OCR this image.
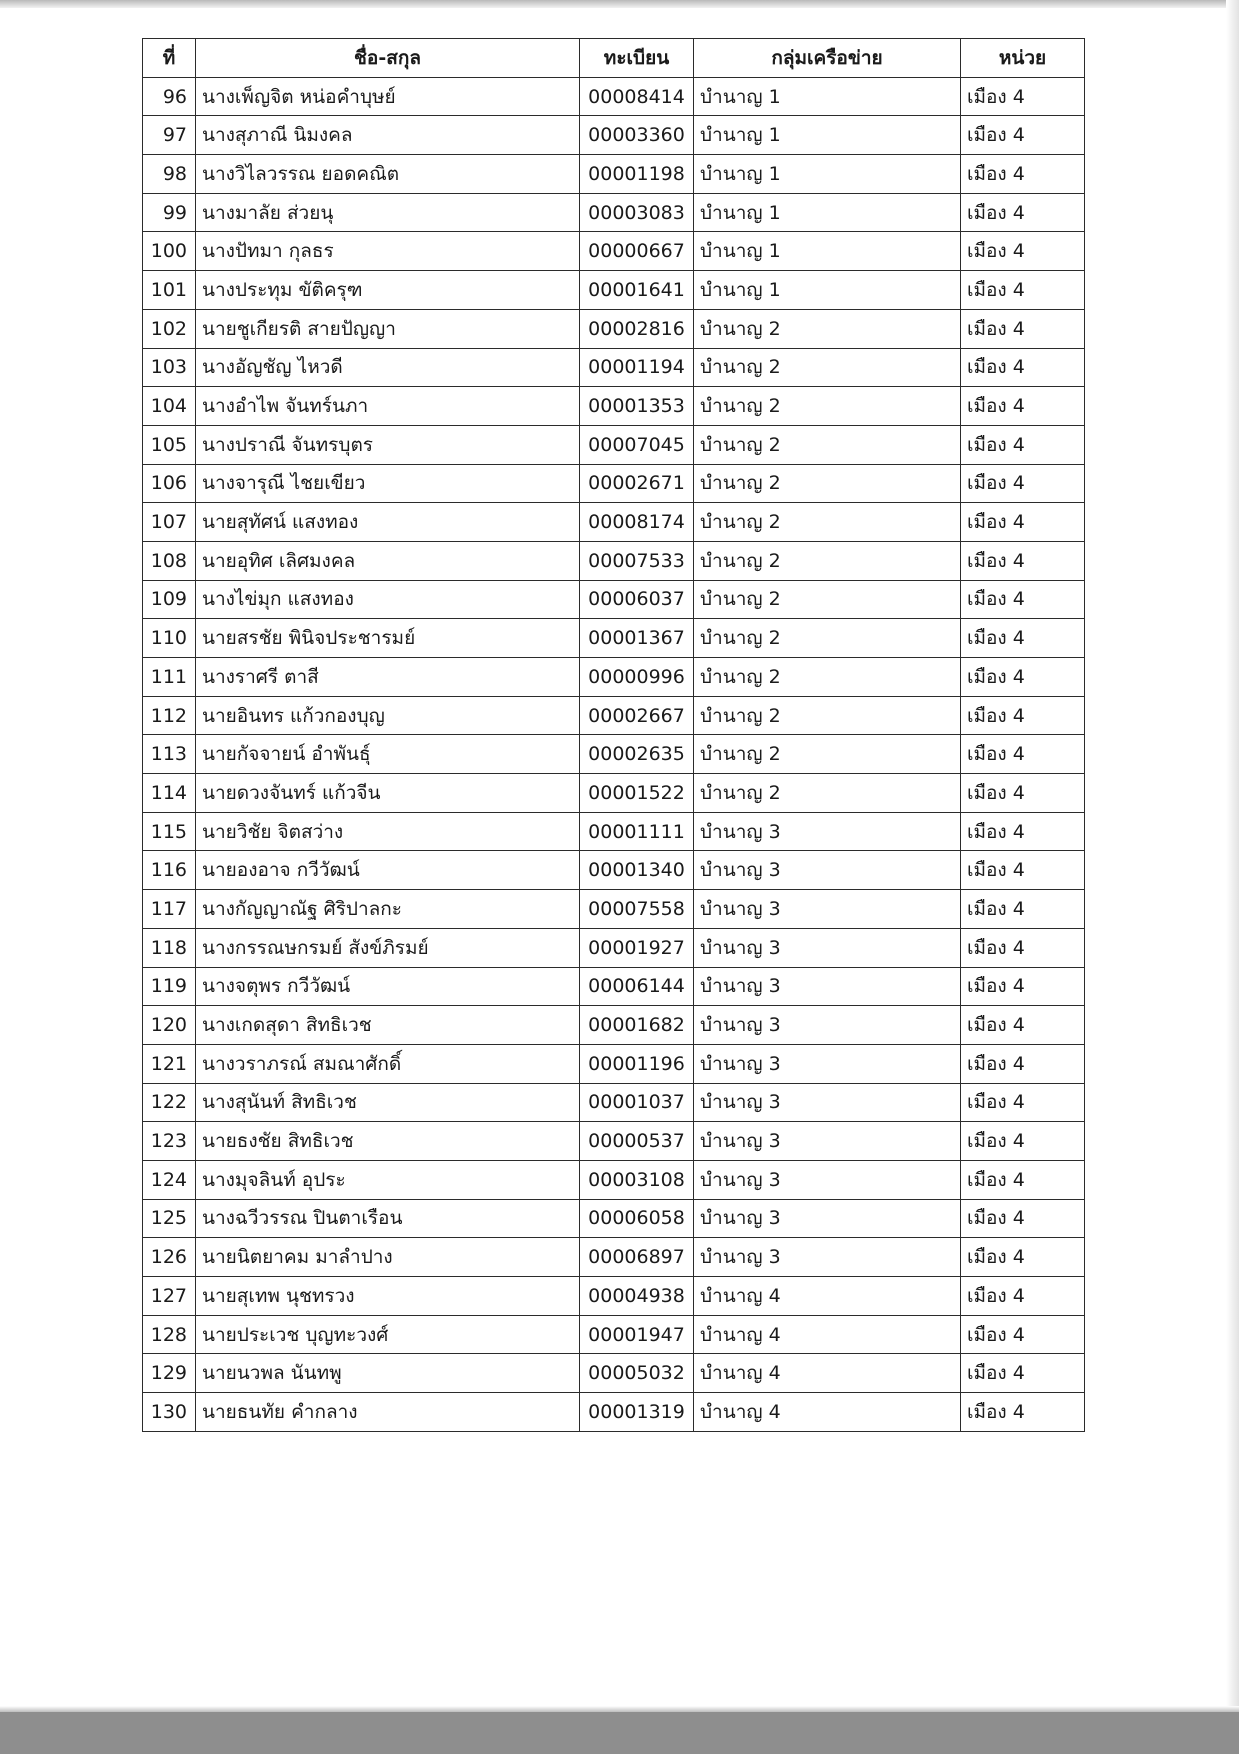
ที่	ชื่อ-สกุล	ทะเบียน	กลุ่มเครือข่าย	หน่วย
96	นางเพ็ญจิต หน่อคำบุษย์	00008414	บำนาญ 1	เมือง 4
97	นางสุภาณี นิมงคล	00003360	บำนาญ 1	เมือง 4
98	นางวิไลวรรณ ยอดคณิต	00001198	บำนาญ 1	เมือง 4
99	นางมาลัย ส่วยนุ	00003083	บำนาญ 1	เมือง 4
100	นางปัทมา กุลธร	00000667	บำนาญ 1	เมือง 4
101	นางประทุม ขัติครุฑ	00001641	บำนาญ 1	เมือง 4
102	นายชูเกียรติ สายปัญญา	00002816	บำนาญ 2	เมือง 4
103	นางอัญชัญ ไหวดี	00001194	บำนาญ 2	เมือง 4
104	นางอำไพ จันทร์นภา	00001353	บำนาญ 2	เมือง 4
105	นางปราณี จันทรบุตร	00007045	บำนาญ 2	เมือง 4
106	นางจารุณี ไชยเขียว	00002671	บำนาญ 2	เมือง 4
107	นายสุทัศน์ แสงทอง	00008174	บำนาญ 2	เมือง 4
108	นายอุทิศ เลิศมงคล	00007533	บำนาญ 2	เมือง 4
109	นางไข่มุก แสงทอง	00006037	บำนาญ 2	เมือง 4
110	นายสรชัย พินิจประชารมย์	00001367	บำนาญ 2	เมือง 4
111	นางราศรี ตาสี	00000996	บำนาญ 2	เมือง 4
112	นายอินทร แก้วกองบุญ	00002667	บำนาญ 2	เมือง 4
113	นายกัจจายน์ อำพันธุ์	00002635	บำนาญ 2	เมือง 4
114	นายดวงจันทร์ แก้วจีน	00001522	บำนาญ 2	เมือง 4
115	นายวิชัย จิตสว่าง	00001111	บำนาญ 3	เมือง 4
116	นายองอาจ กวีวัฒน์	00001340	บำนาญ 3	เมือง 4
117	นางกัญญาณัฐ ศิริปาลกะ	00007558	บำนาญ 3	เมือง 4
118	นางกรรณษกรมย์ สังข์ภิรมย์	00001927	บำนาญ 3	เมือง 4
119	นางจตุพร กวีวัฒน์	00006144	บำนาญ 3	เมือง 4
120	นางเกดสุดา สิทธิเวช	00001682	บำนาญ 3	เมือง 4
121	นางวราภรณ์ สมณาศักดิ์	00001196	บำนาญ 3	เมือง 4
122	นางสุนันท์ สิทธิเวช	00001037	บำนาญ 3	เมือง 4
123	นายธงชัย สิทธิเวช	00000537	บำนาญ 3	เมือง 4
124	นางมุจลินท์ อุประ	00003108	บำนาญ 3	เมือง 4
125	นางฉวีวรรณ ปินตาเรือน	00006058	บำนาญ 3	เมือง 4
126	นายนิตยาคม มาลำปาง	00006897	บำนาญ 3	เมือง 4
127	นายสุเทพ นุชทรวง	00004938	บำนาญ 4	เมือง 4
128	นายประเวช บุญทะวงศ์	00001947	บำนาญ 4	เมือง 4
129	นายนวพล นันทพู	00005032	บำนาญ 4	เมือง 4
130	นายธนทัย คำกลาง	00001319	บำนาญ 4	เมือง 4
